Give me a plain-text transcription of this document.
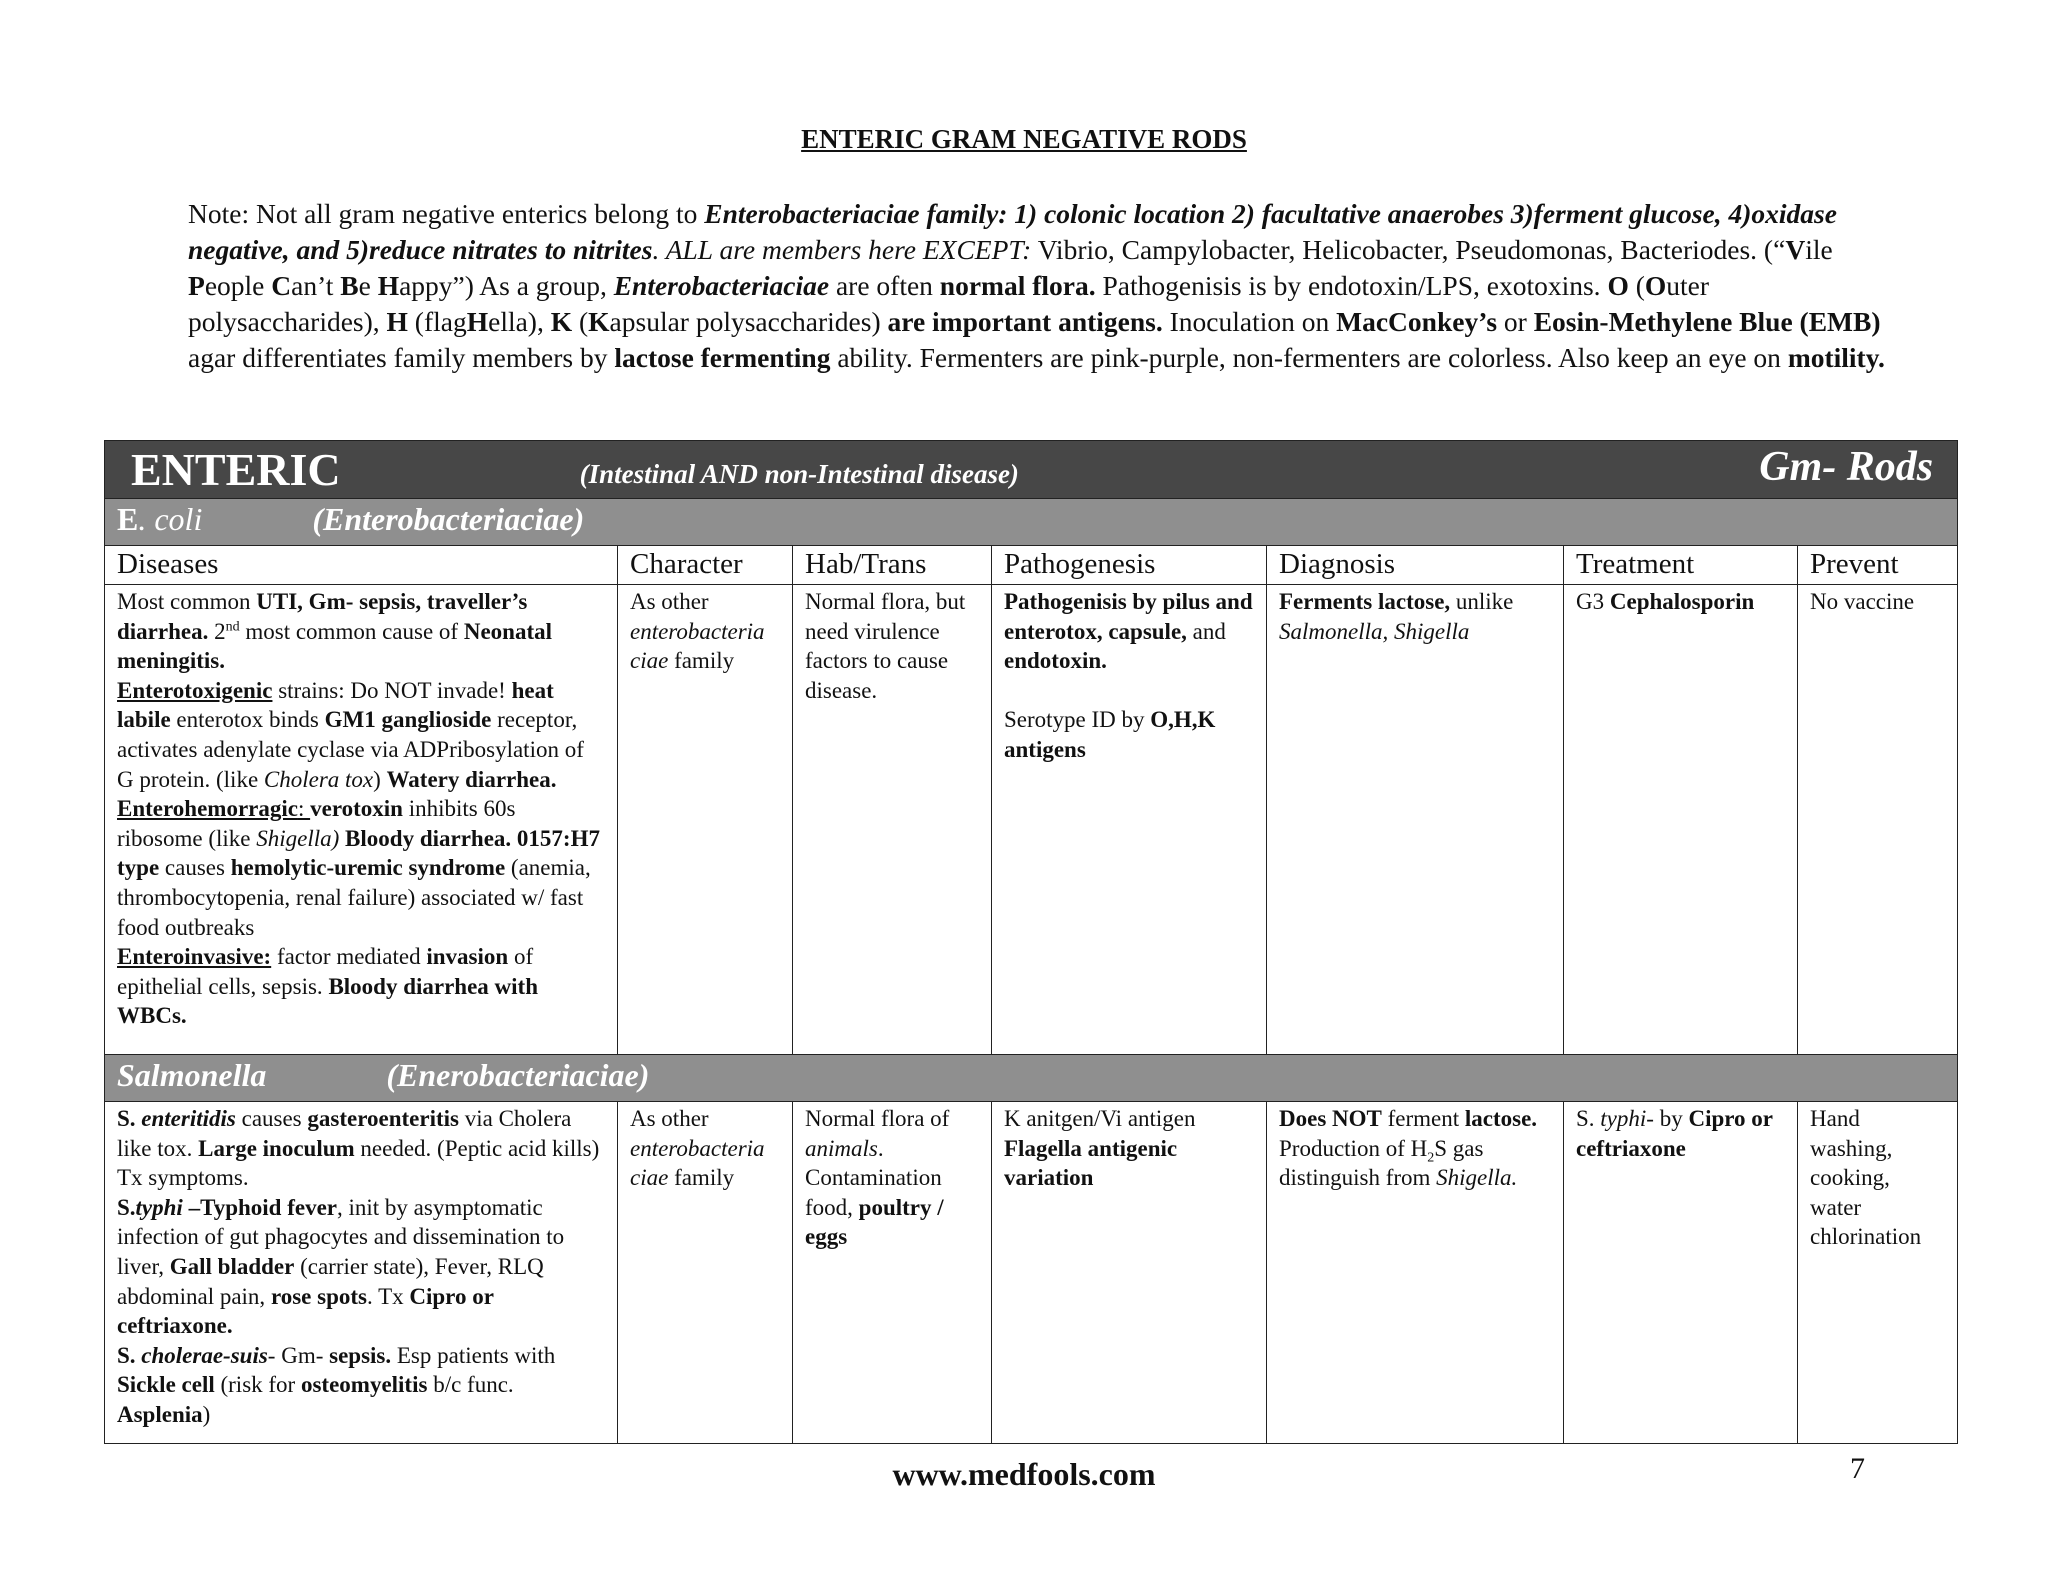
ENTERIC GRAM NEGATIVE RODS

Note: Not all gram negative enterics belong to Enterobacteriaciae family: 1) colonic location 2) facultative anaerobes 3)ferment glucose, 4)oxidase negative, and 5)reduce nitrates to nitrites. ALL are members here EXCEPT: Vibrio, Campylobacter, Helicobacter, Pseudomonas, Bacteriodes. (“Vile People Can’t Be Happy”) As a group, Enterobacteriaciae are often normal flora. Pathogenisis is by endotoxin/LPS, exotoxins. O (Outer polysaccharides), H (flagHella), K (Kapsular polysaccharides) are important antigens. Inoculation on MacConkey’s or Eosin-Methylene Blue (EMB) agar differentiates family members by lactose fermenting ability. Fermenters are pink-purple, non-fermenters are colorless. Also keep an eye on motility.

ENTERIC (Intestinal AND non-Intestinal disease) Gm- Rods						

E. coli (Enterobacteriaciae)						
Diseases	Character	Hab/Trans	Pathogenesis	Diagnosis	Treatment	Prevent
Most common UTI, Gm- sepsis, traveller’s diarrhea. 2nd most common cause of Neonatal meningitis.
Enterotoxigenic strains: Do NOT invade! heat labile enterotox binds GM1 ganglioside receptor, activates adenylate cyclase via ADPribosylation of G protein. (like Cholera tox) Watery diarrhea.
Enterohemorragic: verotoxin inhibits 60s ribosome (like Shigella) Bloody diarrhea. 0157:H7 type causes hemolytic-uremic syndrome (anemia, thrombocytopenia, renal failure) associated w/ fast food outbreaks
Enteroinvasive: factor mediated invasion of epithelial cells, sepsis. Bloody diarrhea with WBCs.	As other enterobacteria ciae family	Normal flora, but need virulence factors to cause disease.	Pathogenisis by pilus and enterotox, capsule, and endotoxin.

Serotype ID by O,H,K antigens	Ferments lactose, unlike Salmonella, Shigella	G3 Cephalosporin	No vaccine
Salmonella (Enerobacteriaciae)						
S. enteritidis causes gasteroenteritis via Cholera like tox. Large inoculum needed. (Peptic acid kills) Tx symptoms.
S.typhi –Typhoid fever, init by asymptomatic infection of gut phagocytes and dissemination to liver, Gall bladder (carrier state), Fever, RLQ abdominal pain, rose spots. Tx Cipro or ceftriaxone.
S. cholerae-suis- Gm- sepsis. Esp patients with Sickle cell (risk for osteomyelitis b/c func. Asplenia)	As other enterobacteria ciae family	Normal flora of animals. Contamination food, poultry / eggs	K anitgen/Vi antigen Flagella antigenic variation	Does NOT ferment lactose. Production of $H_2S$ gas distinguish from Shigella.	S. typhi- by Cipro or ceftriaxone	Hand washing, cooking, water chlorination
www.medfools.com	7
